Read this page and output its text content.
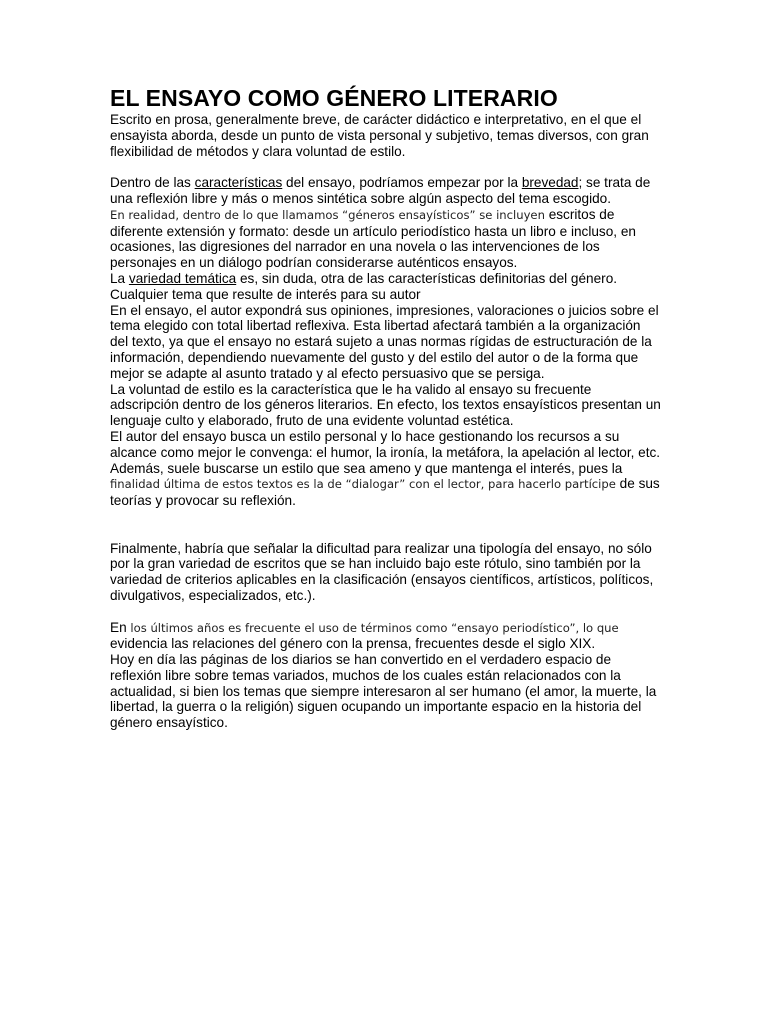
EL ENSAYO COMO GÉNERO LITERARIO

Escrito en prosa, generalmente breve, de carácter didáctico e interpretativo, en el que el ensayista aborda, desde un punto de vista personal y subjetivo, temas diversos, con gran flexibilidad de métodos y clara voluntad de estilo.

Dentro de las características del ensayo, podríamos empezar por la brevedad; se trata de una reflexión libre y más o menos sintética sobre algún aspecto del tema escogido.
En realidad, dentro de lo que llamamos “géneros ensayísticos” se incluyen escritos de diferente extensión y formato: desde un artículo periodístico hasta un libro e incluso, en ocasiones, las digresiones del narrador en una novela o las intervenciones de los personajes en un diálogo podrían considerarse auténticos ensayos.

La variedad temática es, sin duda, otra de las características definitorias del género.

Cualquier tema que resulte de interés para su autor

En el ensayo, el autor expondrá sus opiniones, impresiones, valoraciones o juicios sobre el tema elegido con total libertad reflexiva. Esta libertad afectará también a la organización del texto, ya que el ensayo no estará sujeto a unas normas rígidas de estructuración de la información, dependiendo nuevamente del gusto y del estilo del autor o de la forma que mejor se adapte al asunto tratado y al efecto persuasivo que se persiga.

La voluntad de estilo es la característica que le ha valido al ensayo su frecuente adscripción dentro de los géneros literarios. En efecto, los textos ensayísticos presentan un lenguaje culto y elaborado, fruto de una evidente voluntad estética.

El autor del ensayo busca un estilo personal y lo hace gestionando los recursos a su alcance como mejor le convenga: el humor, la ironía, la metáfora, la apelación al lector, etc.

Además, suele buscarse un estilo que sea ameno y que mantenga el interés, pues la finalidad última de estos textos es la de “dialogar” con el lector, para hacerlo partícipe de sus teorías y provocar su reflexión.

Finalmente, habría que señalar la dificultad para realizar una tipología del ensayo, no sólo por la gran variedad de escritos que se han incluido bajo este rótulo, sino también por la variedad de criterios aplicables en la clasificación (ensayos científicos, artísticos, políticos, divulgativos, especializados, etc.).

En los últimos años es frecuente el uso de términos como “ensayo periodístico”, lo que evidencia las relaciones del género con la prensa, frecuentes desde el siglo XIX.

Hoy en día las páginas de los diarios se han convertido en el verdadero espacio de reflexión libre sobre temas variados, muchos de los cuales están relacionados con la actualidad, si bien los temas que siempre interesaron al ser humano (el amor, la muerte, la libertad, la guerra o la religión) siguen ocupando un importante espacio en la historia del género ensayístico.
